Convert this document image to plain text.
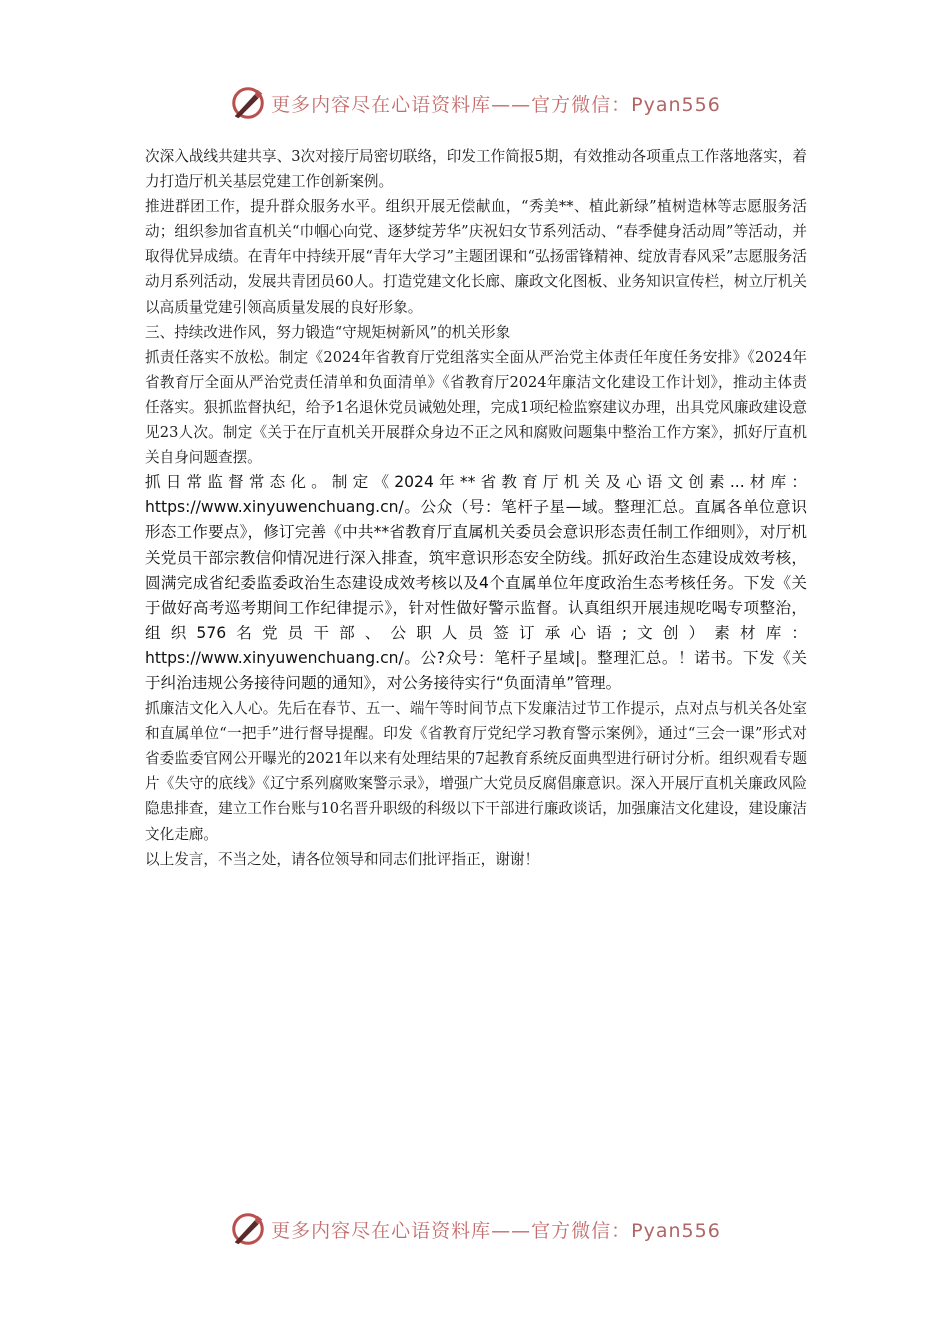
更多内容尽在心语资料库——官方微信：Pyan556

次深入战线共建共享、3次对接厅局密切联络，印发工作简报5期，有效推动各项重点工作落地落实，着力打造厅机关基层党建工作创新案例。

推进群团工作，提升群众服务水平。组织开展无偿献血，“秀美**、植此新绿”植树造林等志愿服务活动；组织参加省直机关“巾帼心向党、逐梦绽芳华”庆祝妇女节系列活动、“春季健身活动周”等活动，并取得优异成绩。在青年中持续开展“青年大学习”主题团课和“弘扬雷锋精神、绽放青春风采”志愿服务活动月系列活动，发展共青团员60人。打造党建文化长廊、廉政文化图板、业务知识宣传栏，树立厅机关以高质量党建引领高质量发展的良好形象。

三、持续改进作风，努力锻造“守规矩树新风”的机关形象

抓责任落实不放松。制定《2024年省教育厅党组落实全面从严治党主体责任年度任务安排》《2024年省教育厅全面从严治党责任清单和负面清单》《省教育厅2024年廉洁文化建设工作计划》，推动主体责任落实。狠抓监督执纪，给予1名退休党员诫勉处理，完成1项纪检监察建议办理，出具党风廉政建设意见23人次。制定《关于在厅直机关开展群众身边不正之风和腐败问题集中整治工作方案》，抓好厅直机关自身问题查摆。

抓日常监督常态化。制定《2024年**省教育厅机关及心语文创素...材库：https://www.xinyuwenchuang.cn/。公众（号：笔杆子星—域。整理汇总。直属各单位意识形态工作要点》，修订完善《中共**省教育厅直属机关委员会意识形态责任制工作细则》，对厅机关党员干部宗教信仰情况进行深入排查，筑牢意识形态安全防线。抓好政治生态建设成效考核，圆满完成省纪委监委政治生态建设成效考核以及4个直属单位年度政治生态考核任务。下发《关于做好高考巡考期间工作纪律提示》，针对性做好警示监督。认真组织开展违规吃喝专项整治，组织576名党员干部、公职人员签订承心语;文创）素材库：https://www.xinyuwenchuang.cn/。公?众号：笔杆子星域|。整理汇总。！诺书。下发《关于纠治违规公务接待问题的通知》，对公务接待实行“负面清单”管理。

抓廉洁文化入人心。先后在春节、五一、端午等时间节点下发廉洁过节工作提示，点对点与机关各处室和直属单位“一把手”进行督导提醒。印发《省教育厅党纪学习教育警示案例》，通过“三会一课”形式对省委监委官网公开曝光的2021年以来有处理结果的7起教育系统反面典型进行研讨分析。组织观看专题片《失守的底线》《辽宁系列腐败案警示录》，增强广大党员反腐倡廉意识。深入开展厅直机关廉政风险隐患排查，建立工作台账与10名晋升职级的科级以下干部进行廉政谈话，加强廉洁文化建设，建设廉洁文化走廊。

以上发言，不当之处，请各位领导和同志们批评指正，谢谢！

更多内容尽在心语资料库——官方微信：Pyan556
